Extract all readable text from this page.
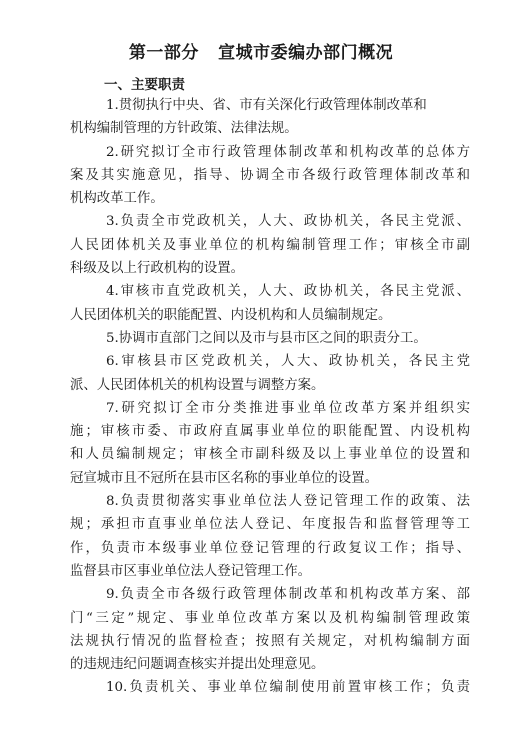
第一部分   宣城市委编办部门概况
一、主要职责
1.贯彻执行中央、省、市有关深化行政管理体制改革和
机构编制管理的方针政策、法律法规。
2.研究拟订全市行政管理体制改革和机构改革的总体方
案及其实施意见，指导、协调全市各级行政管理体制改革和
机构改革工作。
3.负责全市党政机关，人大、政协机关，各民主党派、
人民团体机关及事业单位的机构编制管理工作；审核全市副
科级及以上行政机构的设置。
4.审核市直党政机关，人大、政协机关，各民主党派、
人民团体机关的职能配置、内设机构和人员编制规定。
5.协调市直部门之间以及市与县市区之间的职责分工。
6.审核县市区党政机关，人大、政协机关，各民主党
派、人民团体机关的机构设置与调整方案。
7.研究拟订全市分类推进事业单位改革方案并组织实
施；审核市委、市政府直属事业单位的职能配置、内设机构
和人员编制规定；审核全市副科级及以上事业单位的设置和
冠宣城市且不冠所在县市区名称的事业单位的设置。
8.负责贯彻落实事业单位法人登记管理工作的政策、法
规；承担市直事业单位法人登记、年度报告和监督管理等工
作，负责市本级事业单位登记管理的行政复议工作；指导、
监督县市区事业单位法人登记管理工作。
9.负责全市各级行政管理体制改革和机构改革方案、部
门“三定”规定、事业单位改革方案以及机构编制管理政策
法规执行情况的监督检查；按照有关规定，对机构编制方面
的违规违纪问题调查核实并提出处理意见。
10.负责机关、事业单位编制使用前置审核工作；负责
